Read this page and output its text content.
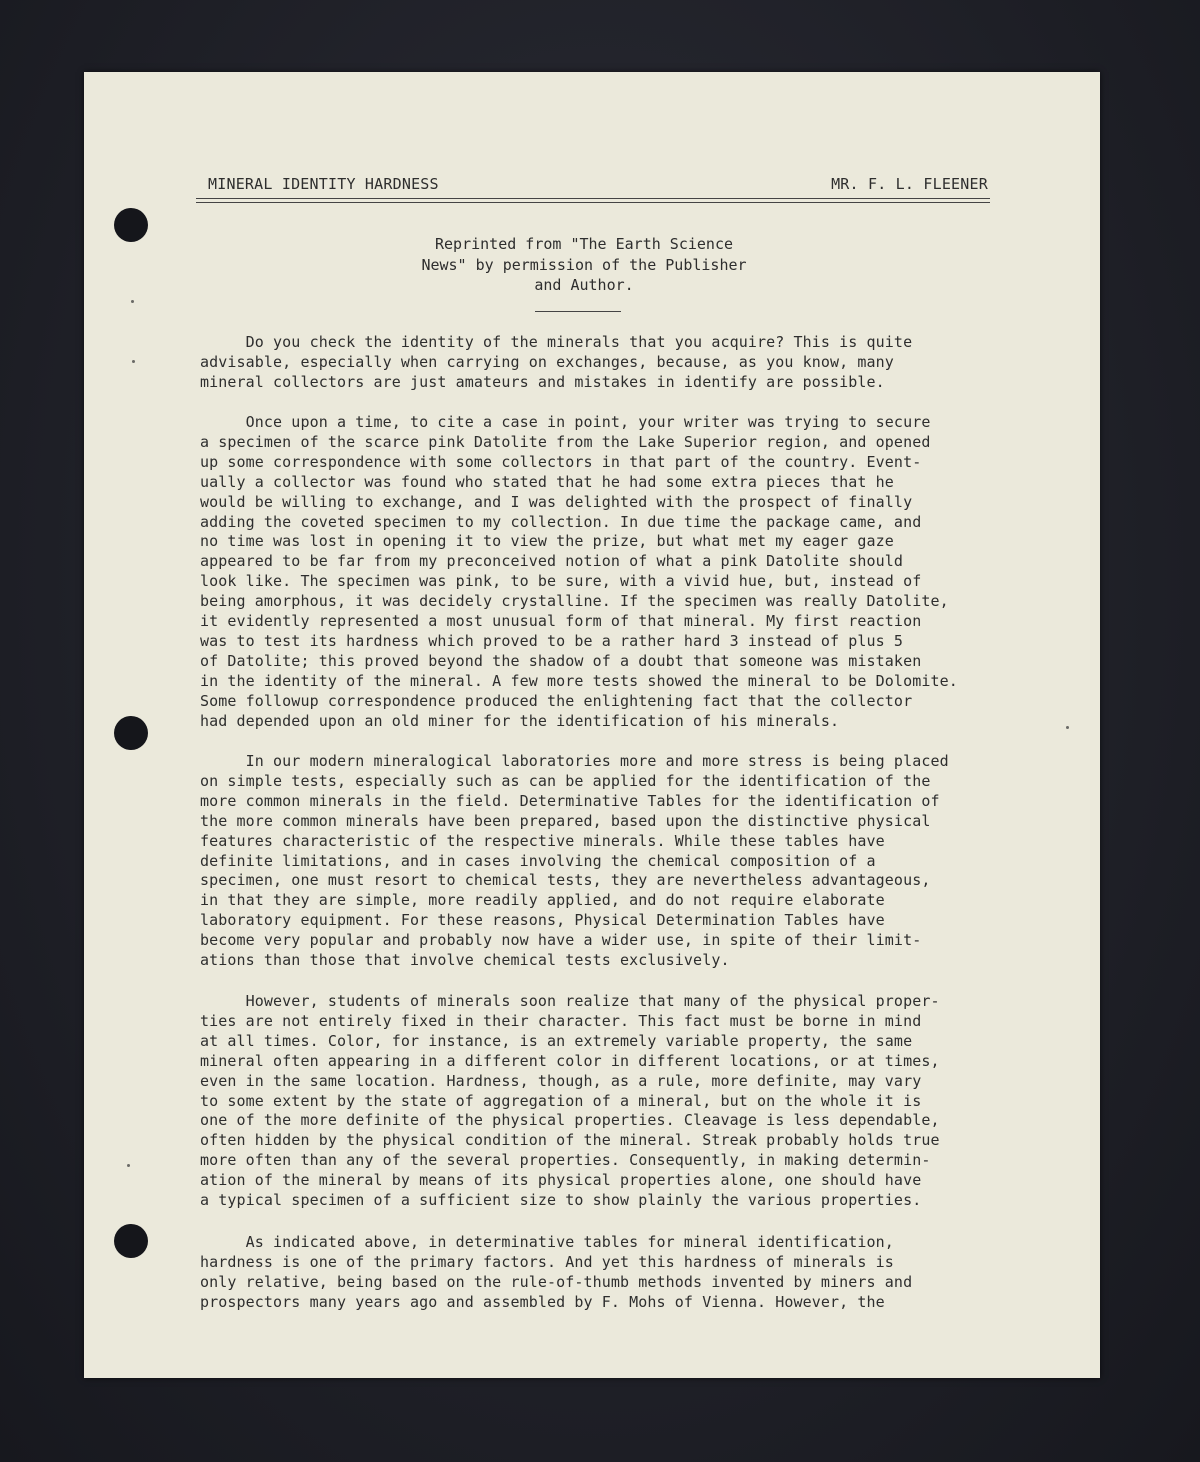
MINERAL IDENTITY HARDNESS	MR. F. L. FLEENER
Reprinted from "The Earth Science
News" by permission of the Publisher
and Author.
Do you check the identity of the minerals that you acquire? This is quite
advisable, especially when carrying on exchanges, because, as you know, many
mineral collectors are just amateurs and mistakes in identify are possible.
Once upon a time, to cite a case in point, your writer was trying to secure
a specimen of the scarce pink Datolite from the Lake Superior region, and opened
up some correspondence with some collectors in that part of the country. Event-
ually a collector was found who stated that he had some extra pieces that he
would be willing to exchange, and I was delighted with the prospect of finally
adding the coveted specimen to my collection. In due time the package came, and
no time was lost in opening it to view the prize, but what met my eager gaze
appeared to be far from my preconceived notion of what a pink Datolite should
look like. The specimen was pink, to be sure, with a vivid hue, but, instead of
being amorphous, it was decidely crystalline. If the specimen was really Datolite,
it evidently represented a most unusual form of that mineral. My first reaction
was to test its hardness which proved to be a rather hard 3 instead of plus 5
of Datolite; this proved beyond the shadow of a doubt that someone was mistaken
in the identity of the mineral. A few more tests showed the mineral to be Dolomite.
Some followup correspondence produced the enlightening fact that the collector
had depended upon an old miner for the identification of his minerals.
In our modern mineralogical laboratories more and more stress is being placed
on simple tests, especially such as can be applied for the identification of the
more common minerals in the field. Determinative Tables for the identification of
the more common minerals have been prepared, based upon the distinctive physical
features characteristic of the respective minerals. While these tables have
definite limitations, and in cases involving the chemical composition of a
specimen, one must resort to chemical tests, they are nevertheless advantageous,
in that they are simple, more readily applied, and do not require elaborate
laboratory equipment. For these reasons, Physical Determination Tables have
become very popular and probably now have a wider use, in spite of their limit-
ations than those that involve chemical tests exclusively.
However, students of minerals soon realize that many of the physical proper-
ties are not entirely fixed in their character. This fact must be borne in mind
at all times. Color, for instance, is an extremely variable property, the same
mineral often appearing in a different color in different locations, or at times,
even in the same location. Hardness, though, as a rule, more definite, may vary
to some extent by the state of aggregation of a mineral, but on the whole it is
one of the more definite of the physical properties. Cleavage is less dependable,
often hidden by the physical condition of the mineral. Streak probably holds true
more often than any of the several properties. Consequently, in making determin-
ation of the mineral by means of its physical properties alone, one should have
a typical specimen of a sufficient size to show plainly the various properties.
As indicated above, in determinative tables for mineral identification,
hardness is one of the primary factors. And yet this hardness of minerals is
only relative, being based on the rule-of-thumb methods invented by miners and
prospectors many years ago and assembled by F. Mohs of Vienna. However, the
